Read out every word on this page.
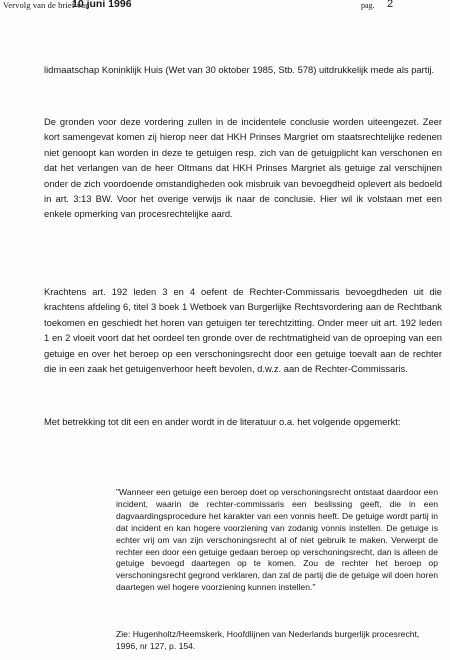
Vervolg van de brief van
10 juni 1996	pag. 2

lidmaatschap Koninklijk Huis (Wet van 30 oktober 1985, Stb. 578) uitdrukkelijk mede als partij.

De gronden voor deze vordering zullen in de incidentele conclusie worden uiteengezet. Zeer kort samengevat komen zij hierop neer dat HKH Prinses Margriet om staatsrechtelijke redenen niet genoopt kan worden in deze te getuigen resp. zich van de getuigplicht kan verschonen en dat het verlangen van de heer Oltmans dat HKH Prinses Margriet als getuige zal verschijnen onder de zich voordoende omstandigheden ook misbruik van bevoegdheid oplevert als bedoeld in art. 3:13 BW. Voor het overige verwijs ik naar de conclusie. Hier wil ik volstaan met een enkele opmerking van procesrechtelijke aard.

Krachtens art. 192 leden 3 en 4 oefent de Rechter-Commissaris bevoegdheden uit die krachtens afdeling 6, titel 3 boek 1 Wetboek van Burgerlijke Rechtsvordering aan de Rechtbank toekomen en geschiedt het horen van getuigen ter terechtzitting. Onder meer uit art. 192 leden 1 en 2 vloeit voort dat het oordeel ten gronde over de rechtmatigheid van de oproeping van een getuige en over het beroep op een verschoningsrecht door een getuige toevalt aan de rechter die in een zaak het getuigenverhoor heeft bevolen, d.w.z. aan de Rechter-Commissaris.

Met betrekking tot dit een en ander wordt in de literatuur o.a. het volgende opgemerkt:

"Wanneer een getuige een beroep doet op verschoningsrecht ontstaat daardoor een incident, waarin de rechter-commissaris een beslissing geeft, die in een dagvaardingsprocedure het karakter van een vonnis heeft. De getuige wordt partij in dat incident en kan hogere voorziening van zodanig vonnis instellen. De getuige is echter vrij om van zijn verschoningsrecht al of niet gebruik te maken. Verwerpt de rechter een door een getuige gedaan beroep op verschoningsrecht, dan is alleen de getuige bevoegd daartegen op te komen. Zou de rechter het beroep op verschoningsrecht gegrond verklaren, dan zal de partij die de getuige wil doen horen daartegen wel hogere voorziening kunnen instellen."

Zie: Hugenholtz/Heemskerk, Hoofdlijnen van Nederlands burgerlijk procesrecht, 1996, nr 127, p. 154.
